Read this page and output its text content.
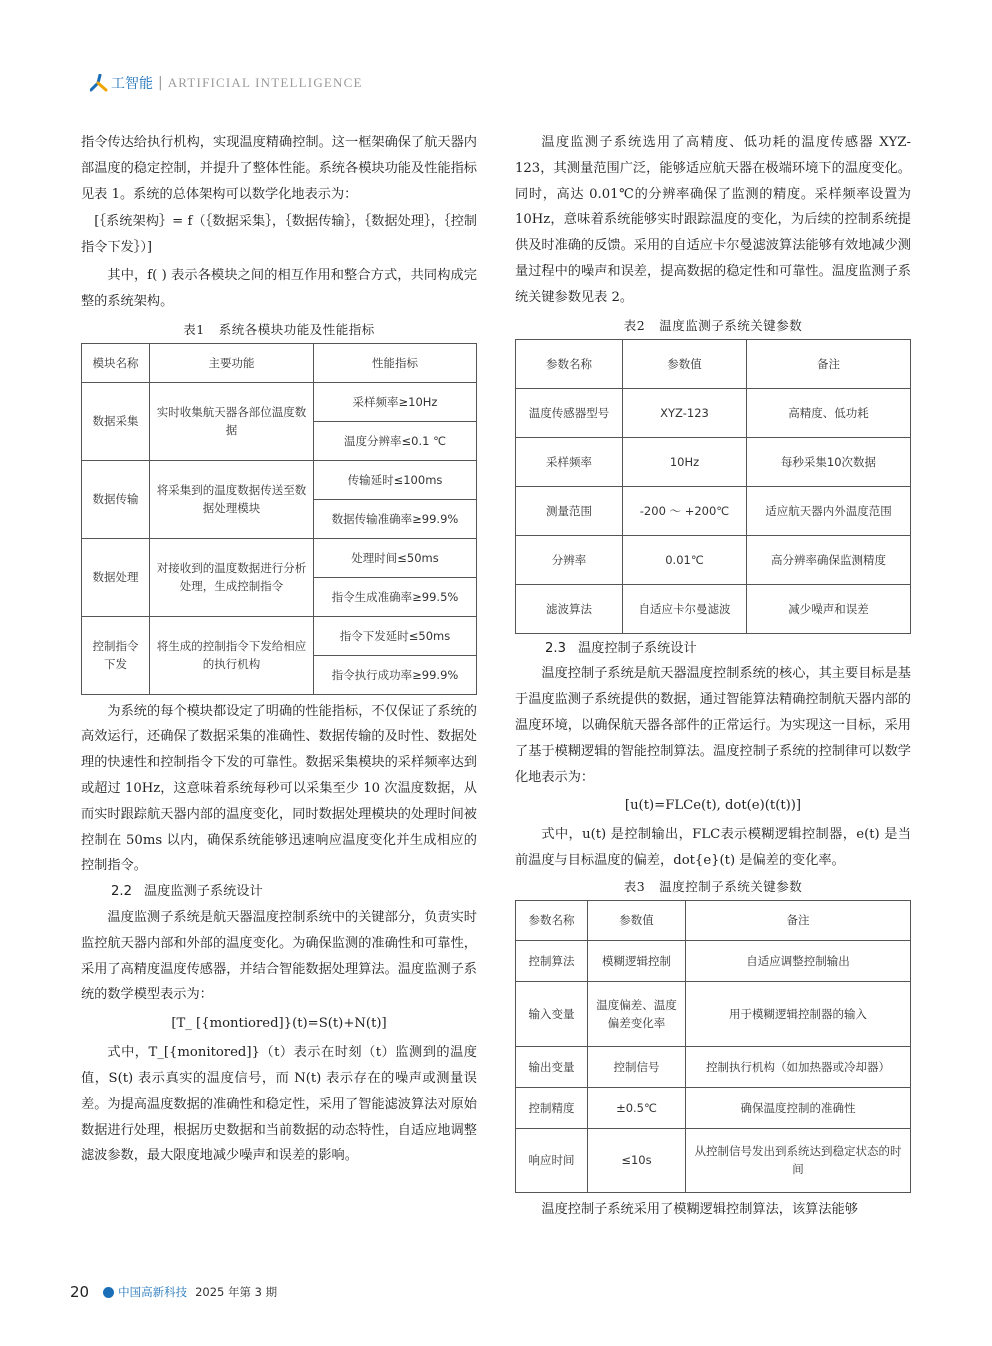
工智能 | ARTIFICIAL INTELLIGENCE

指令传达给执行机构，实现温度精确控制。这一框架确保了航天器内部温度的稳定控制，并提升了整体性能。系统各模块功能及性能指标见表 1。系统的总体架构可以数学化地表示为：

[｛系统架构｝= f（｛数据采集｝，｛数据传输｝，｛数据处理｝，｛控制指令下发｝）]

其中，f( ) 表示各模块之间的相互作用和整合方式，共同构成完整的系统架构。

表1 系统各模块功能及性能指标
模块名称	主要功能	性能指标
数据采集	实时收集航天器各部位温度数据	采样频率≥10Hz
		温度分辨率≤0.1 ℃
数据传输	将采集到的温度数据传送至数据处理模块	传输延时≤100ms
		数据传输准确率≥99.9%
数据处理	对接收到的温度数据进行分析处理，生成控制指令	处理时间≤50ms
		指令生成准确率≥99.5%
控制指令下发	将生成的控制指令下发给相应的执行机构	指令下发延时≤50ms
		指令执行成功率≥99.9%

为系统的每个模块都设定了明确的性能指标，不仅保证了系统的高效运行，还确保了数据采集的准确性、数据传输的及时性、数据处理的快速性和控制指令下发的可靠性。数据采集模块的采样频率达到或超过 10Hz，这意味着系统每秒可以采集至少 10 次温度数据，从而实时跟踪航天器内部的温度变化，同时数据处理模块的处理时间被控制在 50ms 以内，确保系统能够迅速响应温度变化并生成相应的控制指令。

2.2 温度监测子系统设计

温度监测子系统是航天器温度控制系统中的关键部分，负责实时监控航天器内部和外部的温度变化。为确保监测的准确性和可靠性，采用了高精度温度传感器，并结合智能数据处理算法。温度监测子系统的数学模型表示为：

[T_ [{montiored]}(t)=S(t)+N(t)]

式中，T_[{monitored]}（t）表示在时刻（t）监测到的温度值，S(t) 表示真实的温度信号，而 N(t) 表示存在的噪声或测量误差。为提高温度数据的准确性和稳定性，采用了智能滤波算法对原始数据进行处理，根据历史数据和当前数据的动态特性，自适应地调整滤波参数，最大限度地减少噪声和误差的影响。

温度监测子系统选用了高精度、低功耗的温度传感器 XYZ-123，其测量范围广泛，能够适应航天器在极端环境下的温度变化。同时，高达 0.01℃的分辨率确保了监测的精度。采样频率设置为 10Hz，意味着系统能够实时跟踪温度的变化，为后续的控制系统提供及时准确的反馈。采用的自适应卡尔曼滤波算法能够有效地减少测量过程中的噪声和误差，提高数据的稳定性和可靠性。温度监测子系统关键参数见表 2。

表2 温度监测子系统关键参数
参数名称	参数值	备注
温度传感器型号	XYZ-123	高精度、低功耗
采样频率	10Hz	每秒采集10次数据
测量范围	-200 ～ +200℃	适应航天器内外温度范围
分辨率	0.01℃	高分辨率确保监测精度
滤波算法	自适应卡尔曼滤波	减少噪声和误差
2.3 温度控制子系统设计

温度控制子系统是航天器温度控制系统的核心，其主要目标是基于温度监测子系统提供的数据，通过智能算法精确控制航天器内部的温度环境，以确保航天器各部件的正常运行。为实现这一目标，采用了基于模糊逻辑的智能控制算法。温度控制子系统的控制律可以数学化地表示为：

[u(t)=FLCe(t), dot(e)(t(t))]

式中，u(t) 是控制输出，FLC表示模糊逻辑控制器，e(t) 是当前温度与目标温度的偏差，dot{e}(t) 是偏差的变化率。

表3 温度控制子系统关键参数
参数名称	参数值	备注
控制算法	模糊逻辑控制	自适应调整控制输出
输入变量	温度偏差、温度偏差变化率	用于模糊逻辑控制器的输入
输出变量	控制信号	控制执行机构（如加热器或冷却器）
控制精度	±0.5℃	确保温度控制的准确性
响应时间	≤10s	从控制信号发出到系统达到稳定状态的时间

温度控制子系统采用了模糊逻辑控制算法，该算法能够

20	中国高新科技 2025 年第 3 期
